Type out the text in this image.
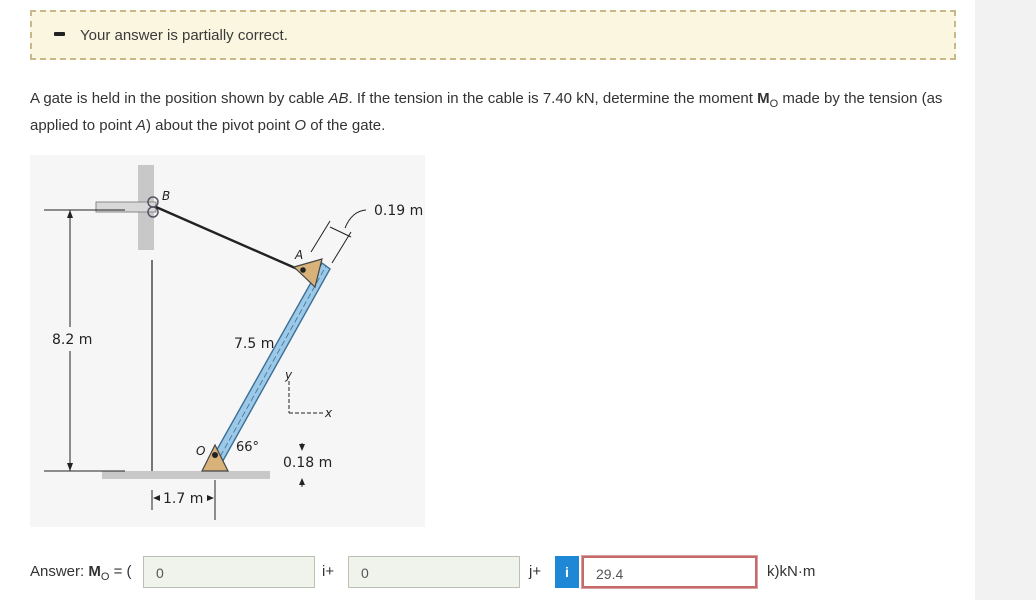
Your answer is partially correct.
A gate is held in the position shown by cable AB. If the tension in the cable is 7.40 kN, determine the moment $M_O$ made by the tension (as applied to point A) about the pivot point O of the gate.
8.2 m
A
B
0.19 m
7.5 m
y
x
O 66°
0.18 m
1.7 m
Answer: $M_O$ = (	0	i+	0	j+	i	29.4	k)kN·m
